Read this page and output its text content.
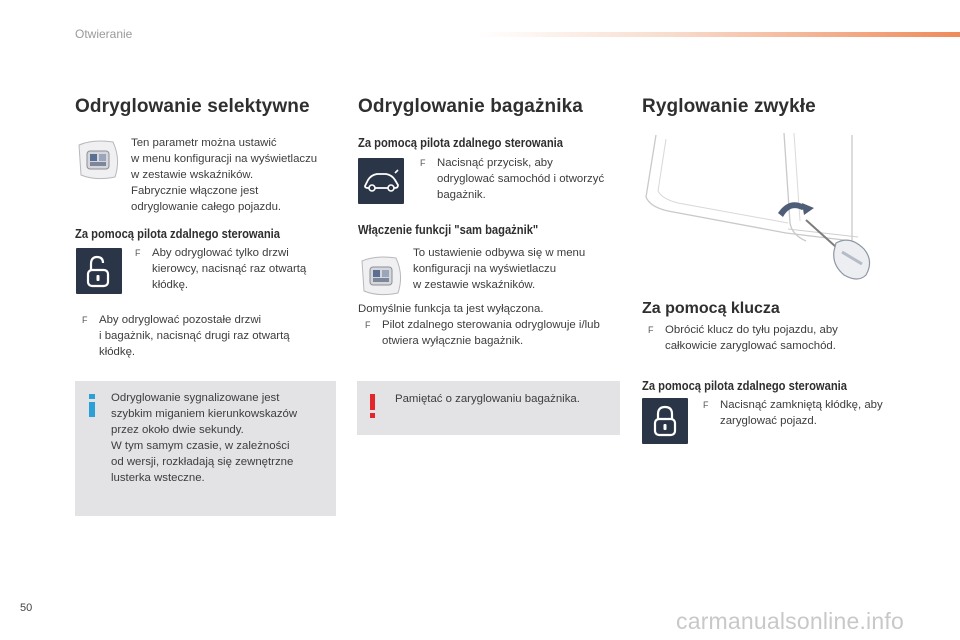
Otwieranie
Odryglowanie selektywne
Ten parametr można ustawić
w menu konfiguracji na wyświetlaczu
w zestawie wskaźników.
Fabrycznie włączone jest
odryglowanie całego pojazdu.
Za pomocą pilota zdalnego sterowania
F Aby odryglować tylko drzwi
kierowcy, nacisnąć raz otwartą
kłódkę.
F Aby odryglować pozostałe drzwi
i bagażnik, nacisnąć drugi raz otwartą
kłódkę.
Odryglowanie sygnalizowane jest
szybkim miganiem kierunkowskazów
przez około dwie sekundy.
W tym samym czasie, w zależności
od wersji, rozkładają się zewnętrzne
lusterka wsteczne.
Odryglowanie bagażnika
Za pomocą pilota zdalnego sterowania
F Nacisnąć przycisk, aby
odryglować samochód i otworzyć
bagażnik.
Włączenie funkcji "sam bagażnik"
To ustawienie odbywa się w menu
konfiguracji na wyświetlaczu
w zestawie wskaźników.
Domyślnie funkcja ta jest wyłączona.
F Pilot zdalnego sterowania odryglowuje i/lub
otwiera wyłącznie bagażnik.
Pamiętać o zaryglowaniu bagażnika.
Ryglowanie zwykłe
Za pomocą klucza
F Obrócić klucz do tyłu pojazdu, aby
całkowicie zaryglować samochód.
Za pomocą pilota zdalnego sterowania
F Nacisnąć zamkniętą kłódkę, aby
zaryglować pojazd.
50	carmanualsonline.info
